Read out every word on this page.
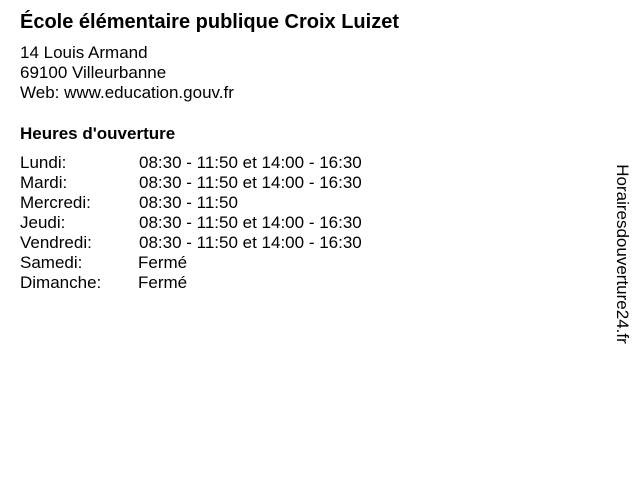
École élémentaire publique Croix Luizet
14 Louis Armand
69100 Villeurbanne
Web: www.education.gouv.fr
Heures d'ouverture
Lundi:	08:30 - 11:50 et 14:00 - 16:30
Mardi:	08:30 - 11:50 et 14:00 - 16:30
Mercredi:	08:30 - 11:50
Jeudi:	08:30 - 11:50 et 14:00 - 16:30
Vendredi:	08:30 - 11:50 et 14:00 - 16:30
Samedi:	Fermé
Dimanche: Fermé	Horairesdouverture24.fr
